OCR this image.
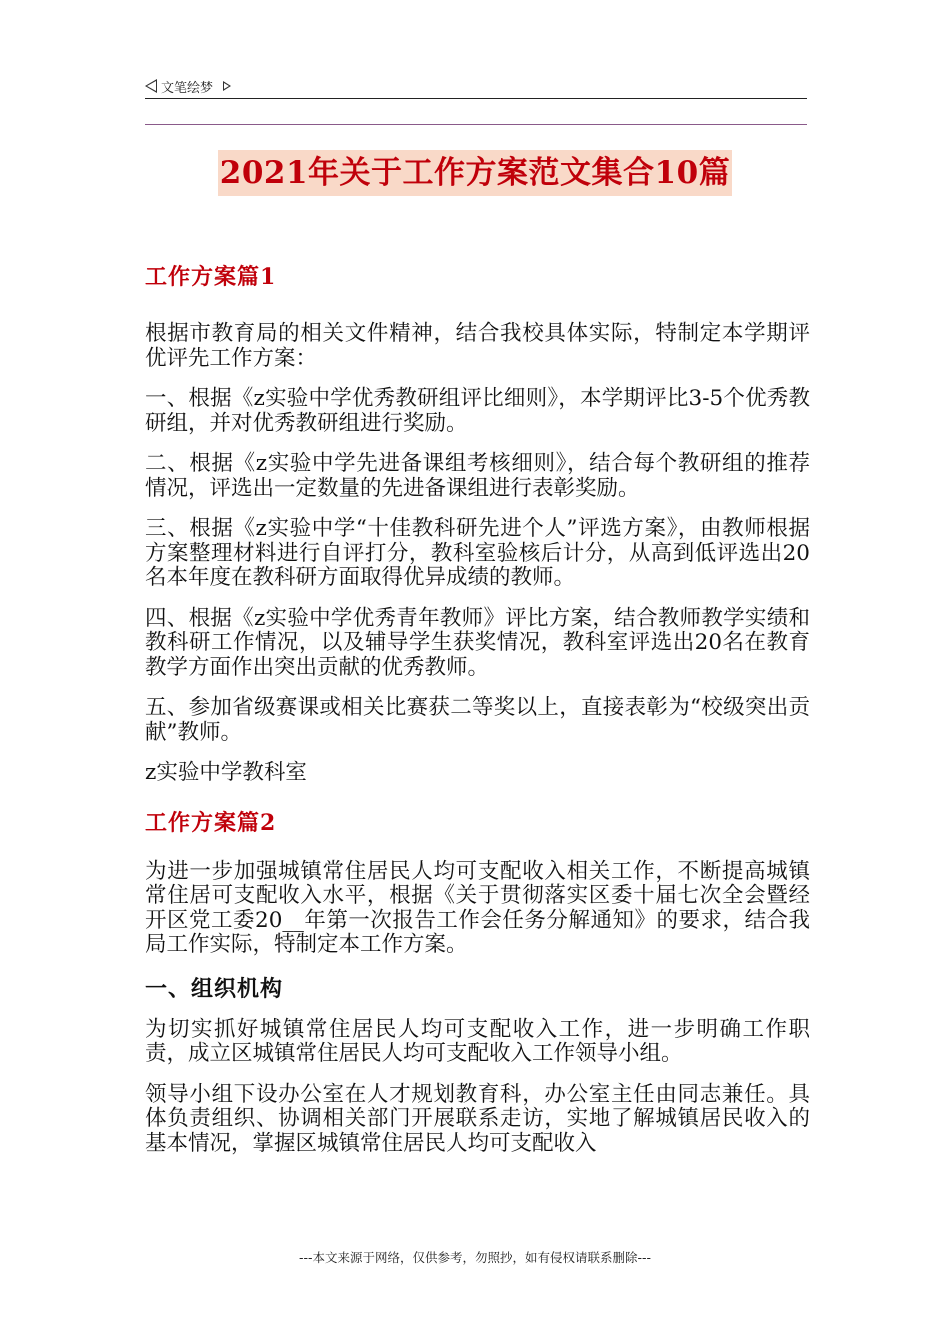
文笔绘梦
2021年关于工作方案范文集合10篇
工作方案篇1

根据市教育局的相关文件精神，结合我校具体实际，特制定本学期评优评先工作方案：

一、根据《z实验中学优秀教研组评比细则》，本学期评比3-5个优秀教研组，并对优秀教研组进行奖励。

二、根据《z实验中学先进备课组考核细则》，结合每个教研组的推荐情况，评选出一定数量的先进备课组进行表彰奖励。

三、根据《z实验中学“十佳教科研先进个人”评选方案》，由教师根据方案整理材料进行自评打分，教科室验核后计分，从高到低评选出20名本年度在教科研方面取得优异成绩的教师。

四、根据《z实验中学优秀青年教师》评比方案，结合教师教学实绩和教科研工作情况，以及辅导学生获奖情况，教科室评选出20名在教育教学方面作出突出贡献的优秀教师。

五、参加省级赛课或相关比赛获二等奖以上，直接表彰为“校级突出贡献”教师。

z实验中学教科室

工作方案篇2

为进一步加强城镇常住居民人均可支配收入相关工作，不断提高城镇常住居可支配收入水平，根据《关于贯彻落实区委十届七次全会暨经开区党工委20__年第一次报告工作会任务分解通知》的要求，结合我局工作实际，特制定本工作方案。

一、组织机构

为切实抓好城镇常住居民人均可支配收入工作，进一步明确工作职责，成立区城镇常住居民人均可支配收入工作领导小组。

领导小组下设办公室在人才规划教育科，办公室主任由同志兼任。具体负责组织、协调相关部门开展联系走访，实地了解城镇居民收入的基本情况，掌握区城镇常住居民人均可支配收入

---本文来源于网络，仅供参考，勿照抄，如有侵权请联系删除---
